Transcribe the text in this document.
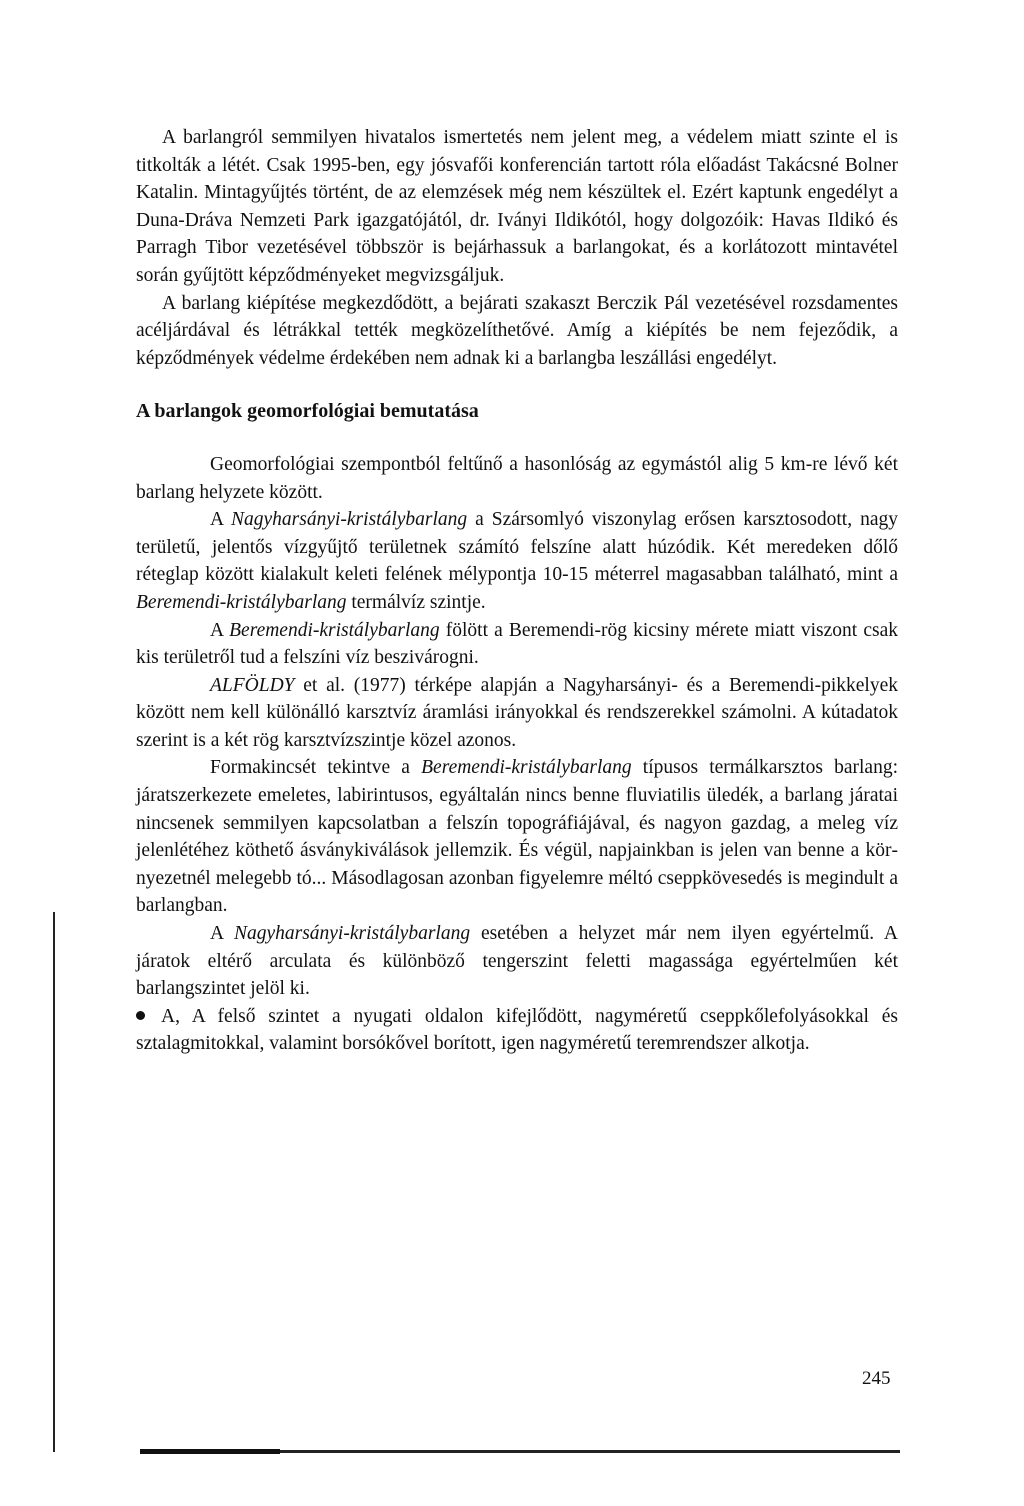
A barlangról semmilyen hivatalos ismertetés nem jelent meg, a védelem miatt szinte el is titkolták a létét. Csak 1995-ben, egy jósvafői konferencián tartott róla előadást Takácsné Bolner Katalin. Mintagyűjtés történt, de az elemzések még nem készültek el. Ezért kaptunk engedélyt a Duna-Dráva Nemzeti Park igazgatójától, dr. Iványi Ildikótól, hogy dolgozóik: Havas Ildikó és Parragh Tibor vezetésével többször is bejárhassuk a barlangokat, és a korlátozott mintavétel során gyűjtött képződményeket megvizsgáljuk.

A barlang kiépítése megkezdődött, a bejárati szakaszt Berczik Pál vezetésével rozsdamentes acéljárdával és létrákkal tették megközelíthetővé. Amíg a kiépítés be nem fejeződik, a képződmények védelme érdekében nem adnak ki a barlangba leszállási engedélyt.

A barlangok geomorfológiai bemutatása

Geomorfológiai szempontból feltűnő a hasonlóság az egymástól alig 5 km-re lévő két barlang helyzete között.

A Nagyharsányi-kristálybarlang a Szársomlyó viszonylag erősen karsztosodott, nagy területű, jelentős vízgyűjtő területnek számító felszíne alatt húzódik. Két meredeken dőlő réteglap között kialakult keleti felének mélypontja 10-15 méterrel magasabban található, mint a Beremendi-kristálybarlang termálvíz szintje.

A Beremendi-kristálybarlang fölött a Beremendi-rög kicsiny mérete miatt viszont csak kis területről tud a felszíni víz beszivárogni.

ALFÖLDY et al. (1977) térképe alapján a Nagyharsányi- és a Beremendi-pikkelyek között nem kell különálló karsztvíz áramlási irányokkal és rendszerekkel számolni. A kútadatok szerint is a két rög karsztvízszintje közel azonos.

Formakincsét tekintve a Beremendi-kristálybarlang típusos termálkarsztos barlang: járatszerkezete emeletes, labirintusos, egyáltalán nincs benne fluviatilis üledék, a barlang járatai nincsenek semmilyen kapcsolatban a felszín topográfiájával, és nagyon gazdag, a meleg víz jelenlétéhez köthető ásványkiválások jellemzik. És végül, napjainkban is jelen van benne a környezetnél melegebb tó... Másodlagosan azonban figyelemre méltó cseppkövesedés is megindult a barlangban.

A Nagyharsányi-kristálybarlang esetében a helyzet már nem ilyen egyértelmű. A járatok eltérő arculata és különböző tengerszint feletti magassága egyértelműen két barlangszintet jelöl ki.

A, A felső szintet a nyugati oldalon kifejlődött, nagyméretű cseppkőlefolyásokkal és sztalagmitokkal, valamint borsókővel borított, igen nagyméretű teremrendszer alkotja.

245
